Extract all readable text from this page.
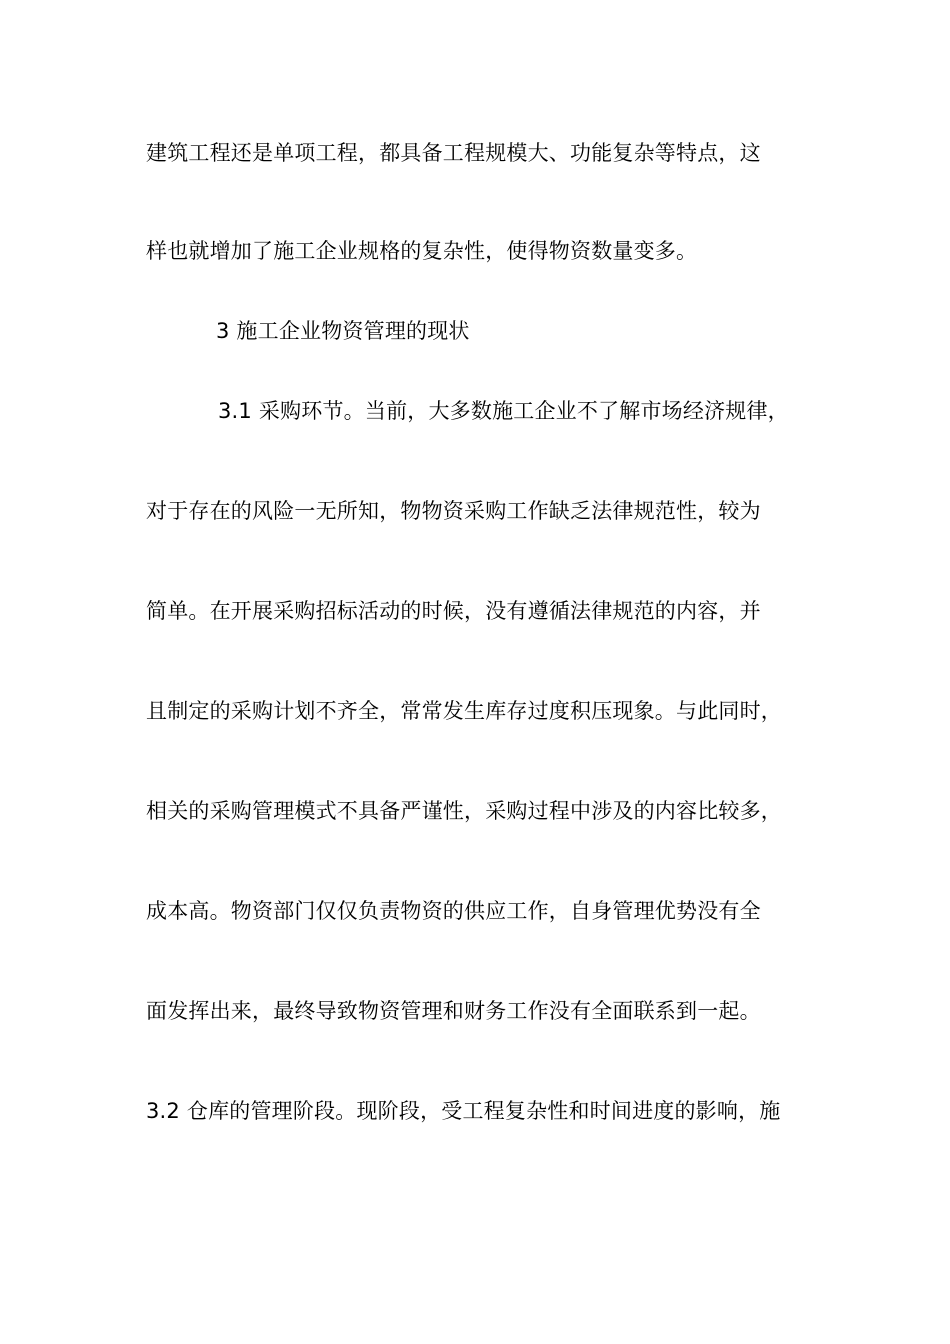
建筑工程还是单项工程，都具备工程规模大、功能复杂等特点，这
样也就增加了施工企业规格的复杂性，使得物资数量变多。
3 施工企业物资管理的现状
3.1 采购环节。当前，大多数施工企业不了解市场经济规律，
对于存在的风险一无所知，物物资采购工作缺乏法律规范性，较为
简单。在开展采购招标活动的时候，没有遵循法律规范的内容，并
且制定的采购计划不齐全，常常发生库存过度积压现象。与此同时，
相关的采购管理模式不具备严谨性，采购过程中涉及的内容比较多，
成本高。物资部门仅仅负责物资的供应工作，自身管理优势没有全
面发挥出来，最终导致物资管理和财务工作没有全面联系到一起。
3.2 仓库的管理阶段。现阶段，受工程复杂性和时间进度的影响，施
